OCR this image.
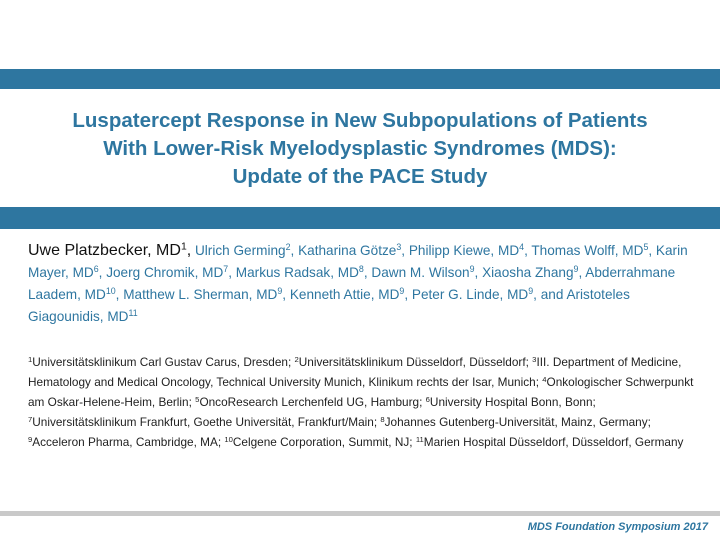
Luspatercept Response in New Subpopulations of Patients
With Lower-Risk Myelodysplastic Syndromes (MDS):
Update of the PACE Study
Uwe Platzbecker, $MD^1$, Ulrich Germing$^2$, Katharina Götze$^3$, Philipp Kiewe, $MD^4$, Thomas Wolff, $MD^5$, Karin Mayer, $MD^6$, Joerg Chromik, $MD^7$, Markus Radsak, $MD^8$, Dawn M. Wilson$^9$, Xiaosha Zhang$^9$, Abderrahmane Laadem, MD$^{10}$, Matthew L. Sherman, $MD^9$, Kenneth Attie, $MD^9$, Peter G. Linde, $MD^9$, and Aristoteles Giagounidis, MD$^{11}$
$^1$Universitätsklinikum Carl Gustav Carus, Dresden; $^2$Universitätsklinikum Düsseldorf, Düsseldorf; $^3$III. Department of Medicine, Hematology and Medical Oncology, Technical University Munich, Klinikum rechts der Isar, Munich; $^4$Onkologischer Schwerpunkt am Oskar-Helene-Heim, Berlin; $^5$OncoResearch Lerchenfeld UG, Hamburg; $^6$University Hospital Bonn, Bonn; $^7$Universitätsklinikum Frankfurt, Goethe Universität, Frankfurt/Main; $^8$Johannes Gutenberg-Universität, Mainz, Germany; $^9$Acceleron Pharma, Cambridge, MA; $^{10}$Celgene Corporation, Summit, NJ; $^{11}$Marien Hospital Düsseldorf, Düsseldorf, Germany
MDS Foundation Symposium 2017
